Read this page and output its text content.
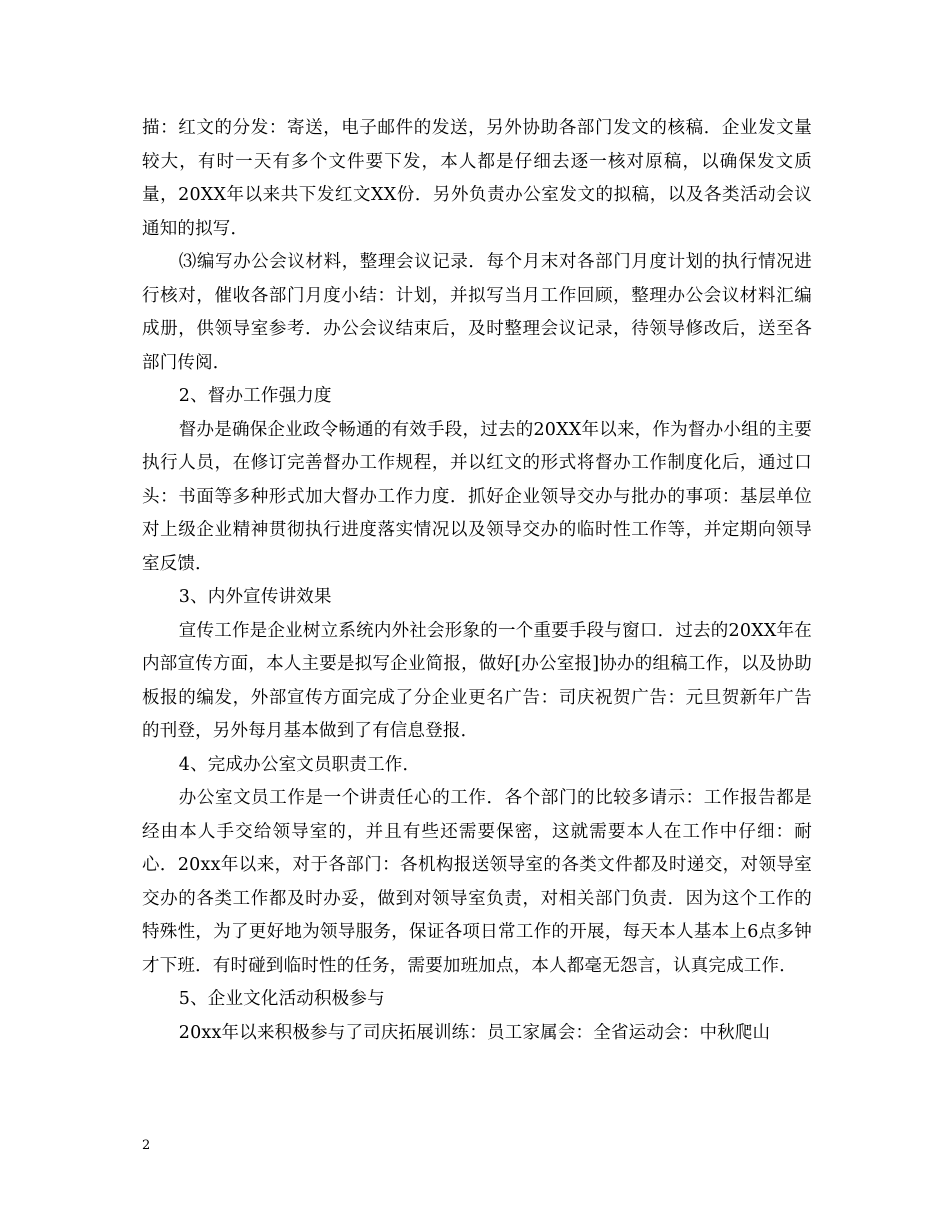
描：红文的分发：寄送，电子邮件的发送，另外协助各部门发文的核稿．企业发文量较大，有时一天有多个文件要下发，本人都是仔细去逐一核对原稿，以确保发文质量，20XX年以来共下发红文XX份．另外负责办公室发文的拟稿，以及各类活动会议通知的拟写．

⑶编写办公会议材料，整理会议记录．每个月末对各部门月度计划的执行情况进行核对，催收各部门月度小结：计划，并拟写当月工作回顾，整理办公会议材料汇编成册，供领导室参考．办公会议结束后，及时整理会议记录，待领导修改后，送至各部门传阅．

2、督办工作强力度

督办是确保企业政令畅通的有效手段，过去的20XX年以来，作为督办小组的主要执行人员，在修订完善督办工作规程，并以红文的形式将督办工作制度化后，通过口头：书面等多种形式加大督办工作力度．抓好企业领导交办与批办的事项：基层单位对上级企业精神贯彻执行进度落实情况以及领导交办的临时性工作等，并定期向领导室反馈．

3、内外宣传讲效果

宣传工作是企业树立系统内外社会形象的一个重要手段与窗口．过去的20XX年在内部宣传方面，本人主要是拟写企业简报，做好[办公室报]协办的组稿工作，以及协助板报的编发，外部宣传方面完成了分企业更名广告：司庆祝贺广告：元旦贺新年广告的刊登，另外每月基本做到了有信息登报．

4、完成办公室文员职责工作．

办公室文员工作是一个讲责任心的工作．各个部门的比较多请示：工作报告都是经由本人手交给领导室的，并且有些还需要保密，这就需要本人在工作中仔细：耐心．20xx年以来，对于各部门：各机构报送领导室的各类文件都及时递交，对领导室交办的各类工作都及时办妥，做到对领导室负责，对相关部门负责．因为这个工作的特殊性，为了更好地为领导服务，保证各项日常工作的开展，每天本人基本上6点多钟才下班．有时碰到临时性的任务，需要加班加点，本人都毫无怨言，认真完成工作．

5、企业文化活动积极参与

20xx年以来积极参与了司庆拓展训练：员工家属会：全省运动会：中秋爬山

2
